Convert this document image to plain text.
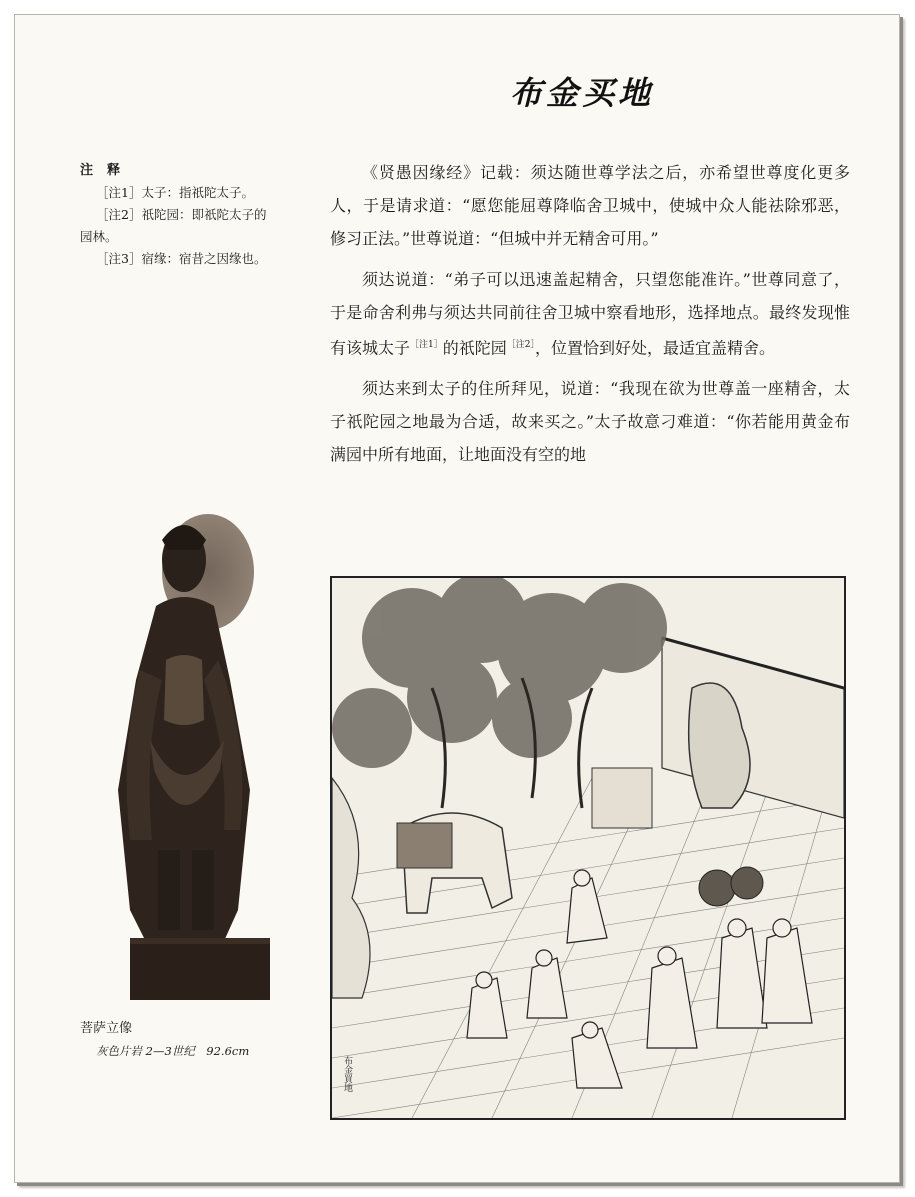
布金买地
注释
［注1］太子：指祇陀太子。
［注2］祇陀园：即祇陀太子的
园林。
［注3］宿缘：宿昔之因缘也。
菩萨立像
灰色片岩 2—3世纪　92.6cm

《贤愚因缘经》记载：须达随世尊学法之后，亦希望世尊度化更多人，于是请求道：“愿您能屈尊降临舍卫城中，使城中众人能祛除邪恶，修习正法。”世尊说道：“但城中并无精舍可用。”

须达说道：“弟子可以迅速盖起精舍，只望您能准许。”世尊同意了，于是命舍利弗与须达共同前往舍卫城中察看地形，选择地点。最终发现惟有该城太子$^{[注1]}$的祇陀园$^{[注2]}$，位置恰到好处，最适宜盖精舍。

须达来到太子的住所拜见，说道：“我现在欲为世尊盖一座精舍，太子祇陀园之地最为合适，故来买之。”太子故意刁难道：“你若能用黄金布满园中所有地面，让地面没有空的地

布金買地
